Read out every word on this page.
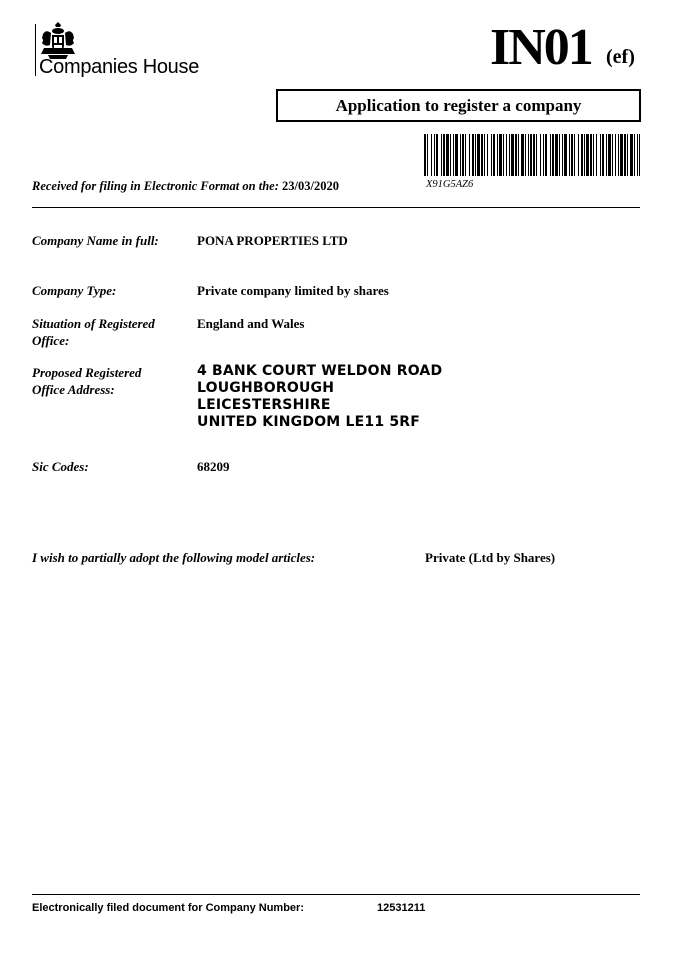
Companies House	IN01 (ef)
Application to register a company
X91G5AZ6
Received for filing in Electronic Format on the: 23/03/2020
Company Name in full:	PONA PROPERTIES LTD
Company Type:	Private company limited by shares
Situation of Registered Office:
England and Wales
Proposed Registered Office Address:
4 BANK COURT WELDON ROAD
LOUGHBOROUGH
LEICESTERSHIRE
UNITED KINGDOM LE11 5RF
Sic Codes:	68209
I wish to partially adopt the following model articles:	Private (Ltd by Shares)
Electronically filed document for Company Number:	12531211
